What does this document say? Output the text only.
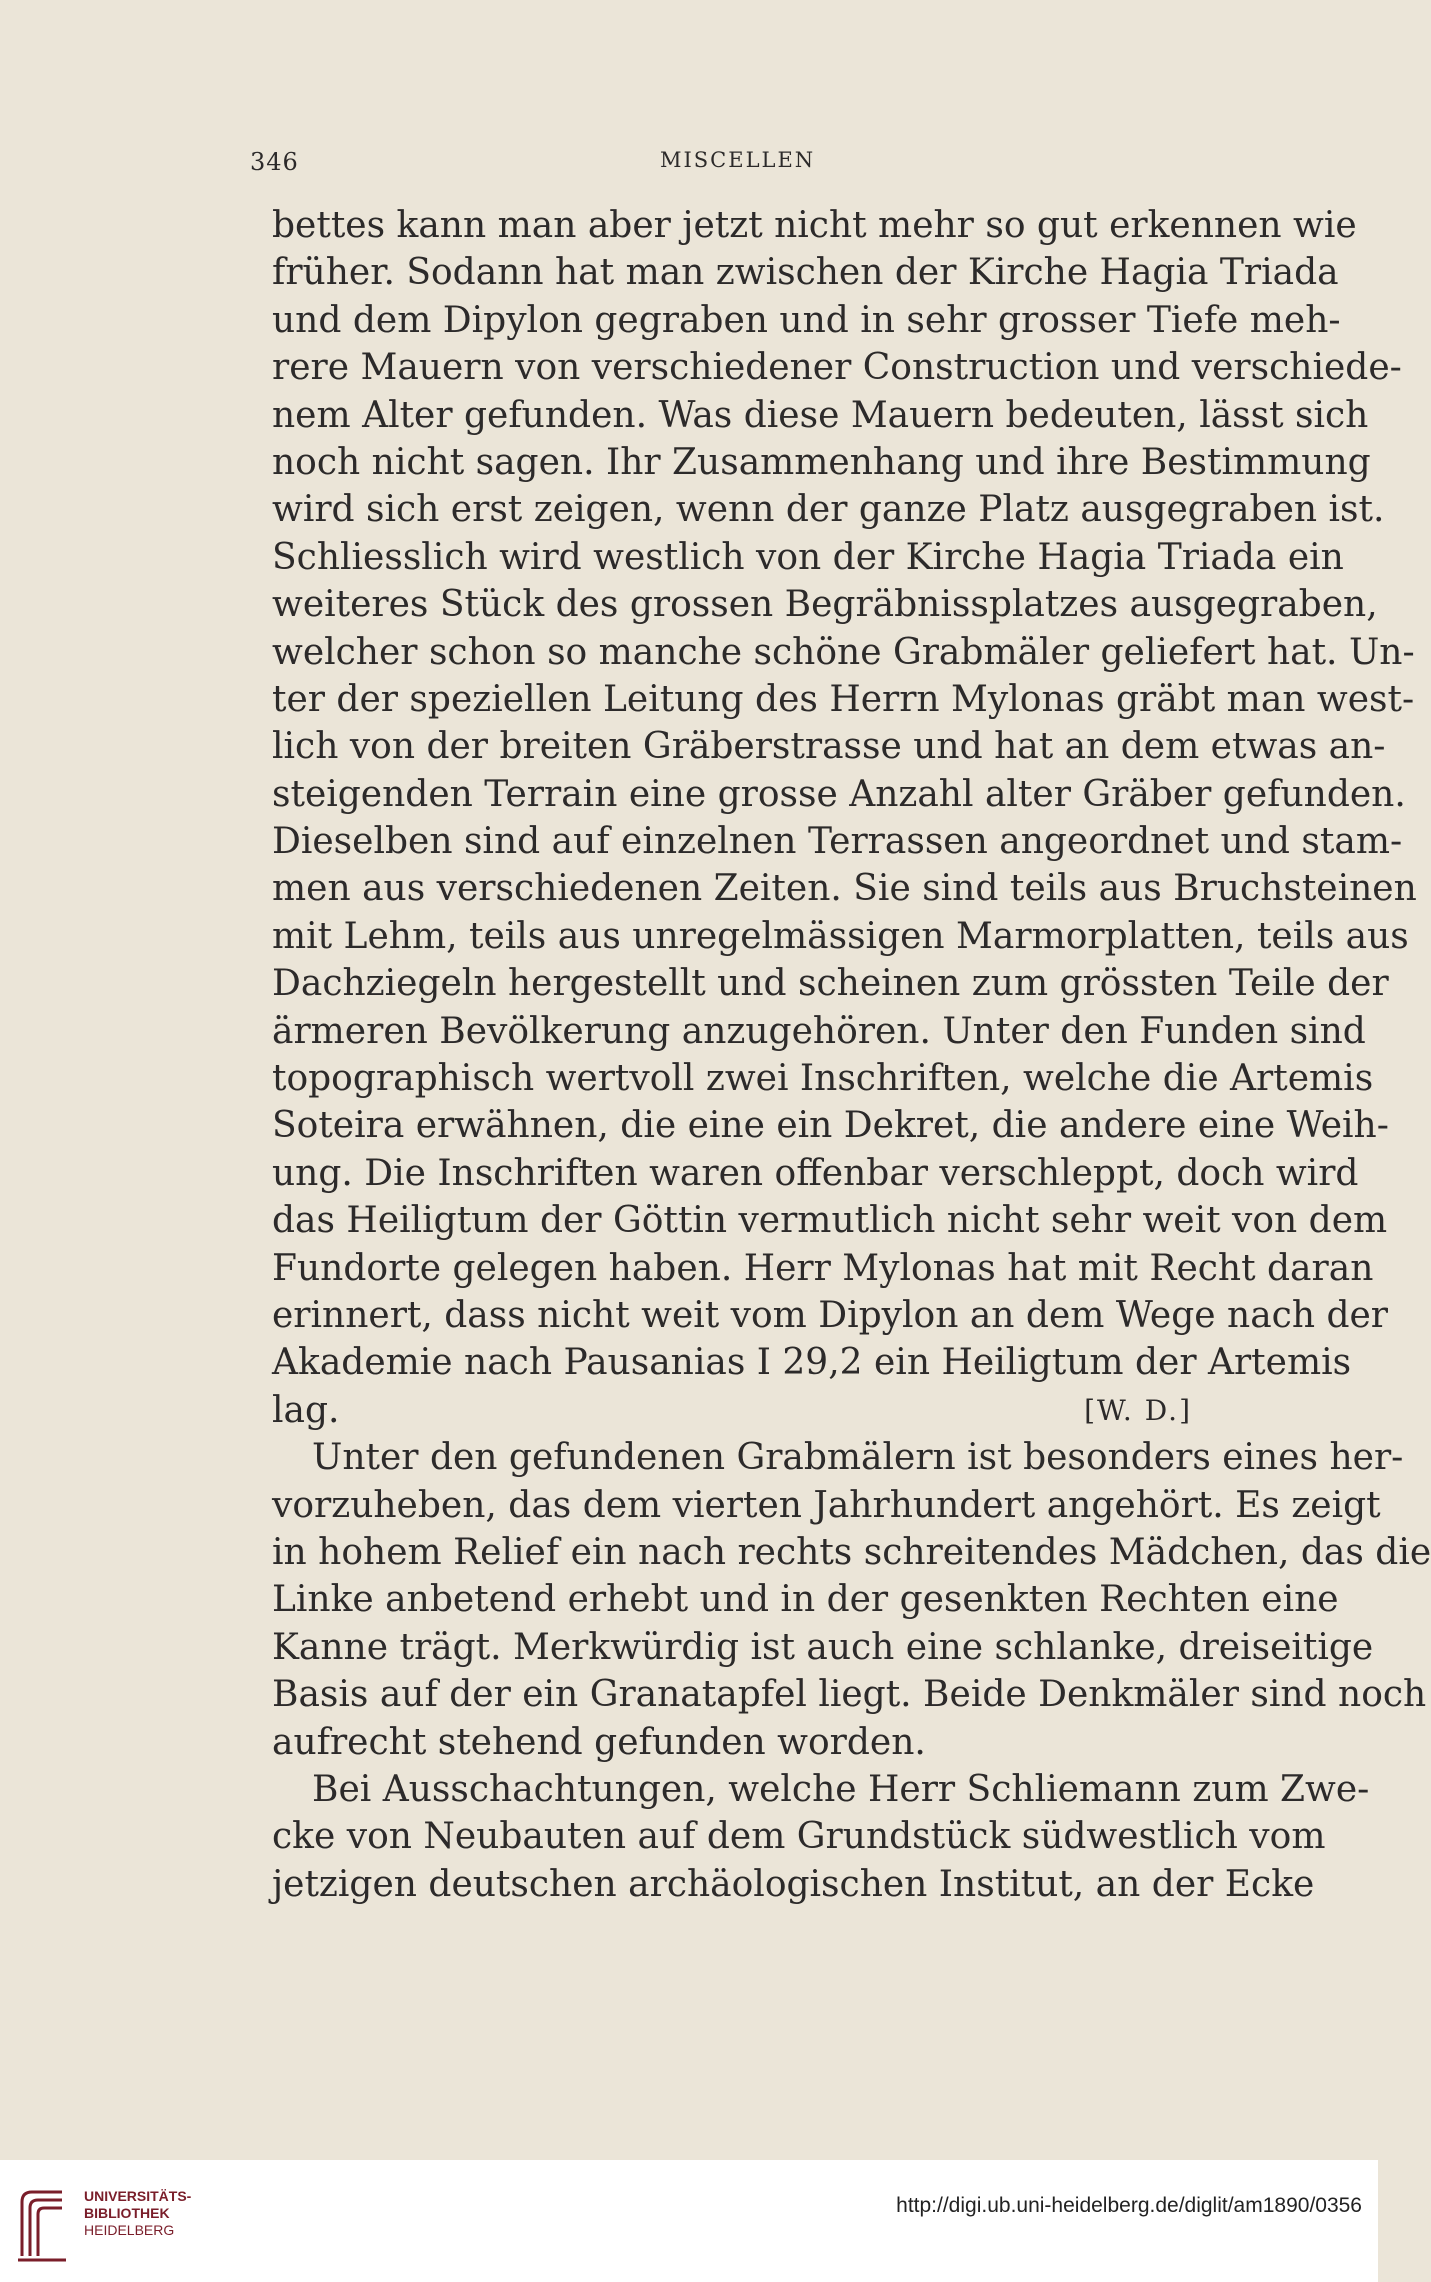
346	MISCELLEN
bettes kann man aber jetzt nicht mehr so gut erkennen wie
früher. Sodann hat man zwischen der Kirche Hagia Triada
und dem Dipylon gegraben und in sehr grosser Tiefe meh-
rere Mauern von verschiedener Construction und verschiede-
nem Alter gefunden. Was diese Mauern bedeuten, lässt sich
noch nicht sagen. Ihr Zusammenhang und ihre Bestimmung
wird sich erst zeigen, wenn der ganze Platz ausgegraben ist.
Schliesslich wird westlich von der Kirche Hagia Triada ein
weiteres Stück des grossen Begräbnissplatzes ausgegraben,
welcher schon so manche schöne Grabmäler geliefert hat. Un-
ter der speziellen Leitung des Herrn Mylonas gräbt man west-
lich von der breiten Gräberstrasse und hat an dem etwas an-
steigenden Terrain eine grosse Anzahl alter Gräber gefunden.
Dieselben sind auf einzelnen Terrassen angeordnet und stam-
men aus verschiedenen Zeiten. Sie sind teils aus Bruchsteinen
mit Lehm, teils aus unregelmässigen Marmorplatten, teils aus
Dachziegeln hergestellt und scheinen zum grössten Teile der
ärmeren Bevölkerung anzugehören. Unter den Funden sind
topographisch wertvoll zwei Inschriften, welche die Artemis
Soteira erwähnen, die eine ein Dekret, die andere eine Weih-
ung. Die Inschriften waren offenbar verschleppt, doch wird
das Heiligtum der Göttin vermutlich nicht sehr weit von dem
Fundorte gelegen haben. Herr Mylonas hat mit Recht daran
erinnert, dass nicht weit vom Dipylon an dem Wege nach der
Akademie nach Pausanias I 29,2 ein Heiligtum der Artemis
lag.	[W. D.]
Unter den gefundenen Grabmälern ist besonders eines her-
vorzuheben, das dem vierten Jahrhundert angehört. Es zeigt
in hohem Relief ein nach rechts schreitendes Mädchen, das die
Linke anbetend erhebt und in der gesenkten Rechten eine
Kanne trägt. Merkwürdig ist auch eine schlanke, dreiseitige
Basis auf der ein Granatapfel liegt. Beide Denkmäler sind noch
aufrecht stehend gefunden worden.
Bei Ausschachtungen, welche Herr Schliemann zum Zwe-
cke von Neubauten auf dem Grundstück südwestlich vom
jetzigen deutschen archäologischen Institut, an der Ecke
UNIVERSITÄTS-
BIBLIOTHEK
HEIDELBERG
http://digi.ub.uni-heidelberg.de/diglit/am1890/0356
